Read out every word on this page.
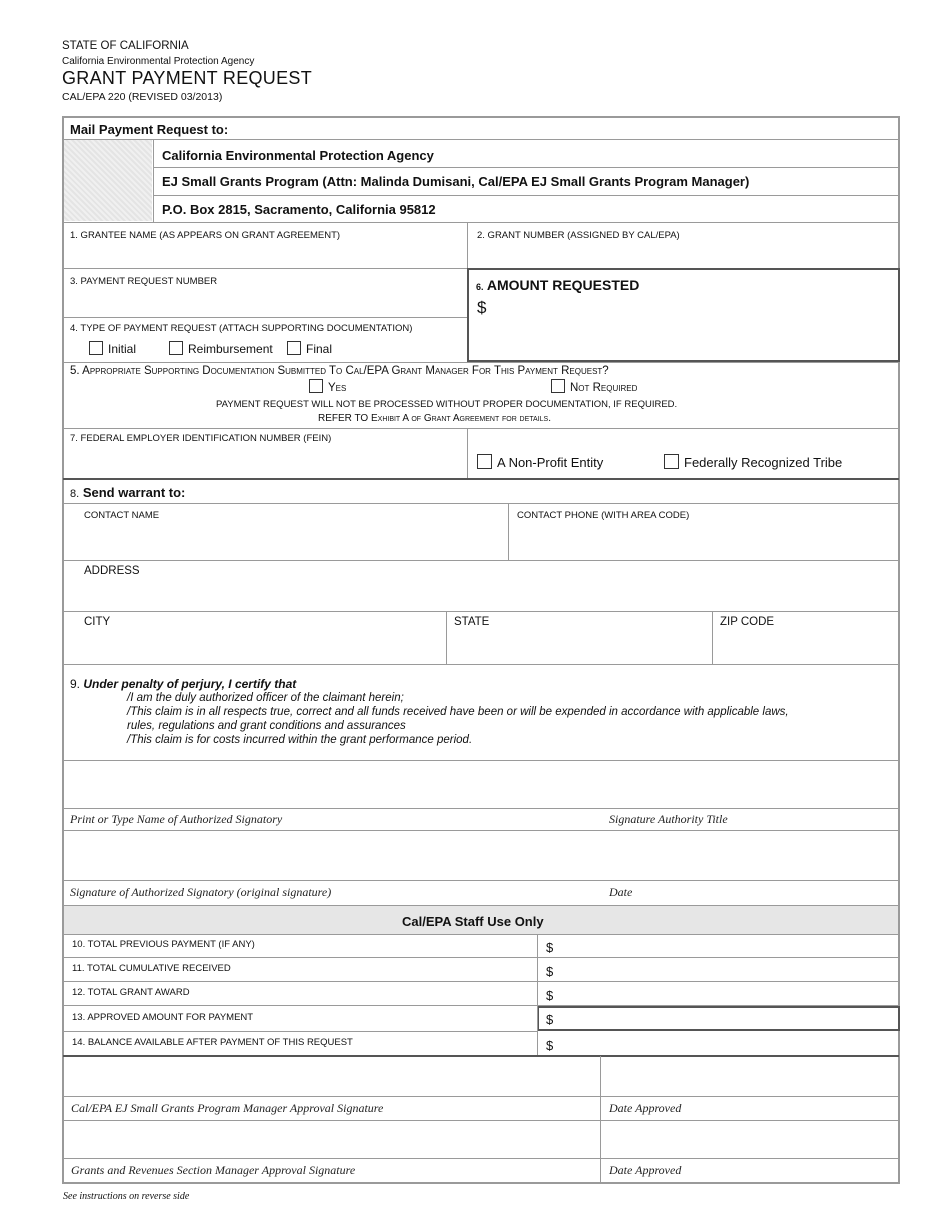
STATE OF CALIFORNIA
California Environmental Protection Agency
GRANT PAYMENT REQUEST
CAL/EPA 220 (REVISED 03/2013)
Mail Payment Request to:
California Environmental Protection Agency
EJ Small Grants Program (Attn: Malinda Dumisani, Cal/EPA EJ Small Grants Program Manager)
P.O. Box 2815, Sacramento, California 95812
1. GRANTEE NAME (AS APPEARS ON GRANT AGREEMENT)	2. GRANT NUMBER (ASSIGNED BY CAL/EPA)
6. AMOUNT REQUESTED
$
3. PAYMENT REQUEST NUMBER
4. TYPE OF PAYMENT REQUEST (ATTACH SUPPORTING DOCUMENTATION)
Initial	Reimbursement	Final
5. Appropriate Supporting Documentation Submitted To Cal/EPA Grant Manager For This Payment Request?
Yes	Not Required
PAYMENT REQUEST WILL NOT BE PROCESSED WITHOUT PROPER DOCUMENTATION, IF REQUIRED.
REFER TO Exhibit A of Grant Agreement for details.
7. FEDERAL EMPLOYER IDENTIFICATION NUMBER (FEIN)
A Non-Profit Entity	Federally Recognized Tribe
8. Send warrant to:
CONTACT NAME	CONTACT PHONE (WITH AREA CODE)
ADDRESS
CITY	STATE	ZIP CODE
9. Under penalty of perjury, I certify that
/I am the duly authorized officer of the claimant herein;
/This claim is in all respects true, correct and all funds received have been or will be expended in accordance with applicable laws,
rules, regulations and grant conditions and assurances
/This claim is for costs incurred within the grant performance period.
Print or Type Name of Authorized Signatory	Signature Authority Title
Signature of Authorized Signatory (original signature)	Date
Cal/EPA Staff Use Only
10. TOTAL PREVIOUS PAYMENT (IF ANY)	$
11. TOTAL CUMULATIVE RECEIVED	$
12. TOTAL GRANT AWARD	$
13. APPROVED AMOUNT FOR PAYMENT	$
14. BALANCE AVAILABLE AFTER PAYMENT OF THIS REQUEST	$
Cal/EPA EJ Small Grants Program Manager Approval Signature	Date Approved
Grants and Revenues Section Manager Approval Signature	Date Approved
See instructions on reverse side
